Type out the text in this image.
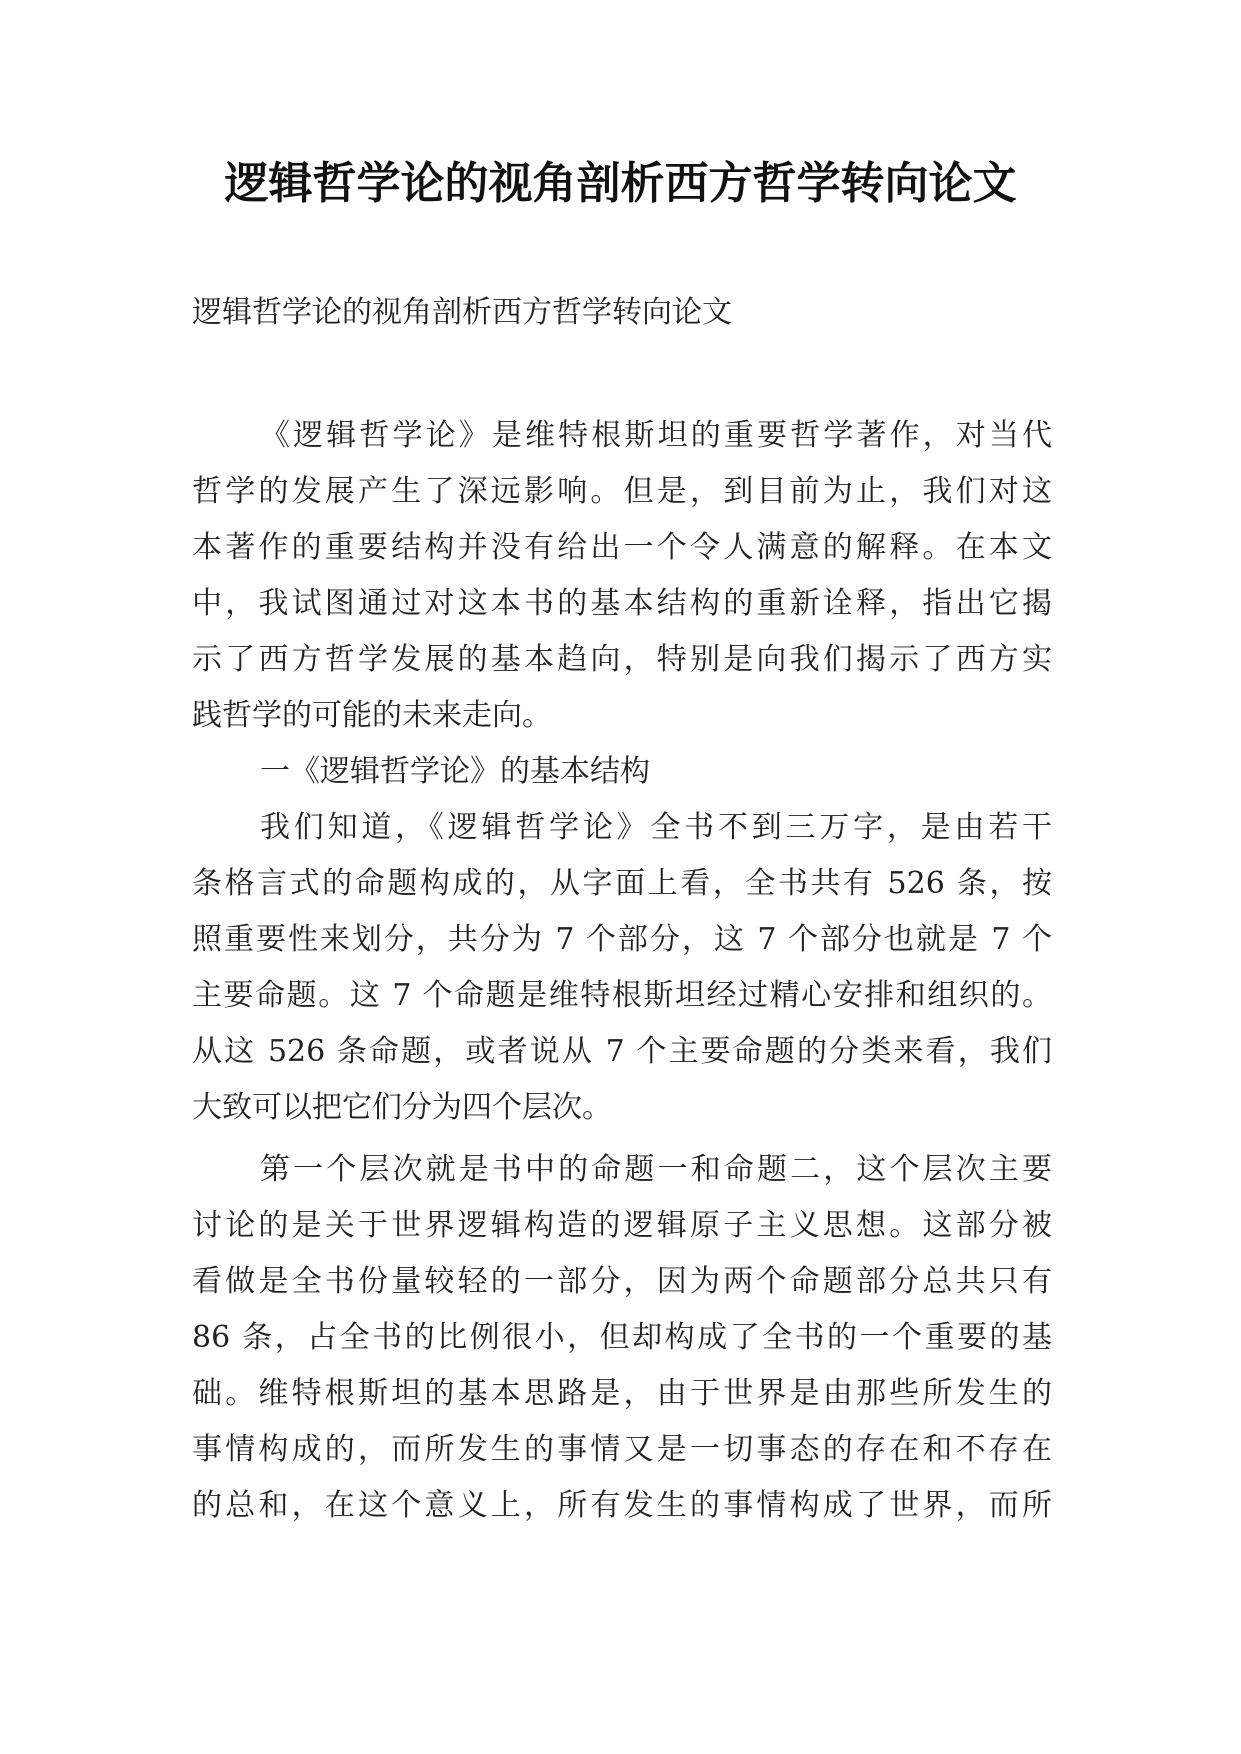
逻辑哲学论的视角剖析西方哲学转向论文
逻辑哲学论的视角剖析西方哲学转向论文
《逻辑哲学论》是维特根斯坦的重要哲学著作，对当代
哲学的发展产生了深远影响。但是，到目前为止，我们对这
本著作的重要结构并没有给出一个令人满意的解释。在本文
中，我试图通过对这本书的基本结构的重新诠释，指出它揭
示了西方哲学发展的基本趋向，特别是向我们揭示了西方实
践哲学的可能的未来走向。
一《逻辑哲学论》的基本结构
我们知道，《逻辑哲学论》全书不到三万字，是由若干
条格言式的命题构成的，从字面上看，全书共有 526 条，按
照重要性来划分，共分为 7 个部分，这 7 个部分也就是 7 个
主要命题。这 7 个命题是维特根斯坦经过精心安排和组织的。
从这 526 条命题，或者说从 7 个主要命题的分类来看，我们
大致可以把它们分为四个层次。
第一个层次就是书中的命题一和命题二，这个层次主要
讨论的是关于世界逻辑构造的逻辑原子主义思想。这部分被
看做是全书份量较轻的一部分，因为两个命题部分总共只有
86 条，占全书的比例很小，但却构成了全书的一个重要的基
础。维特根斯坦的基本思路是，由于世界是由那些所发生的
事情构成的，而所发生的事情又是一切事态的存在和不存在
的总和，在这个意义上，所有发生的事情构成了世界，而所
